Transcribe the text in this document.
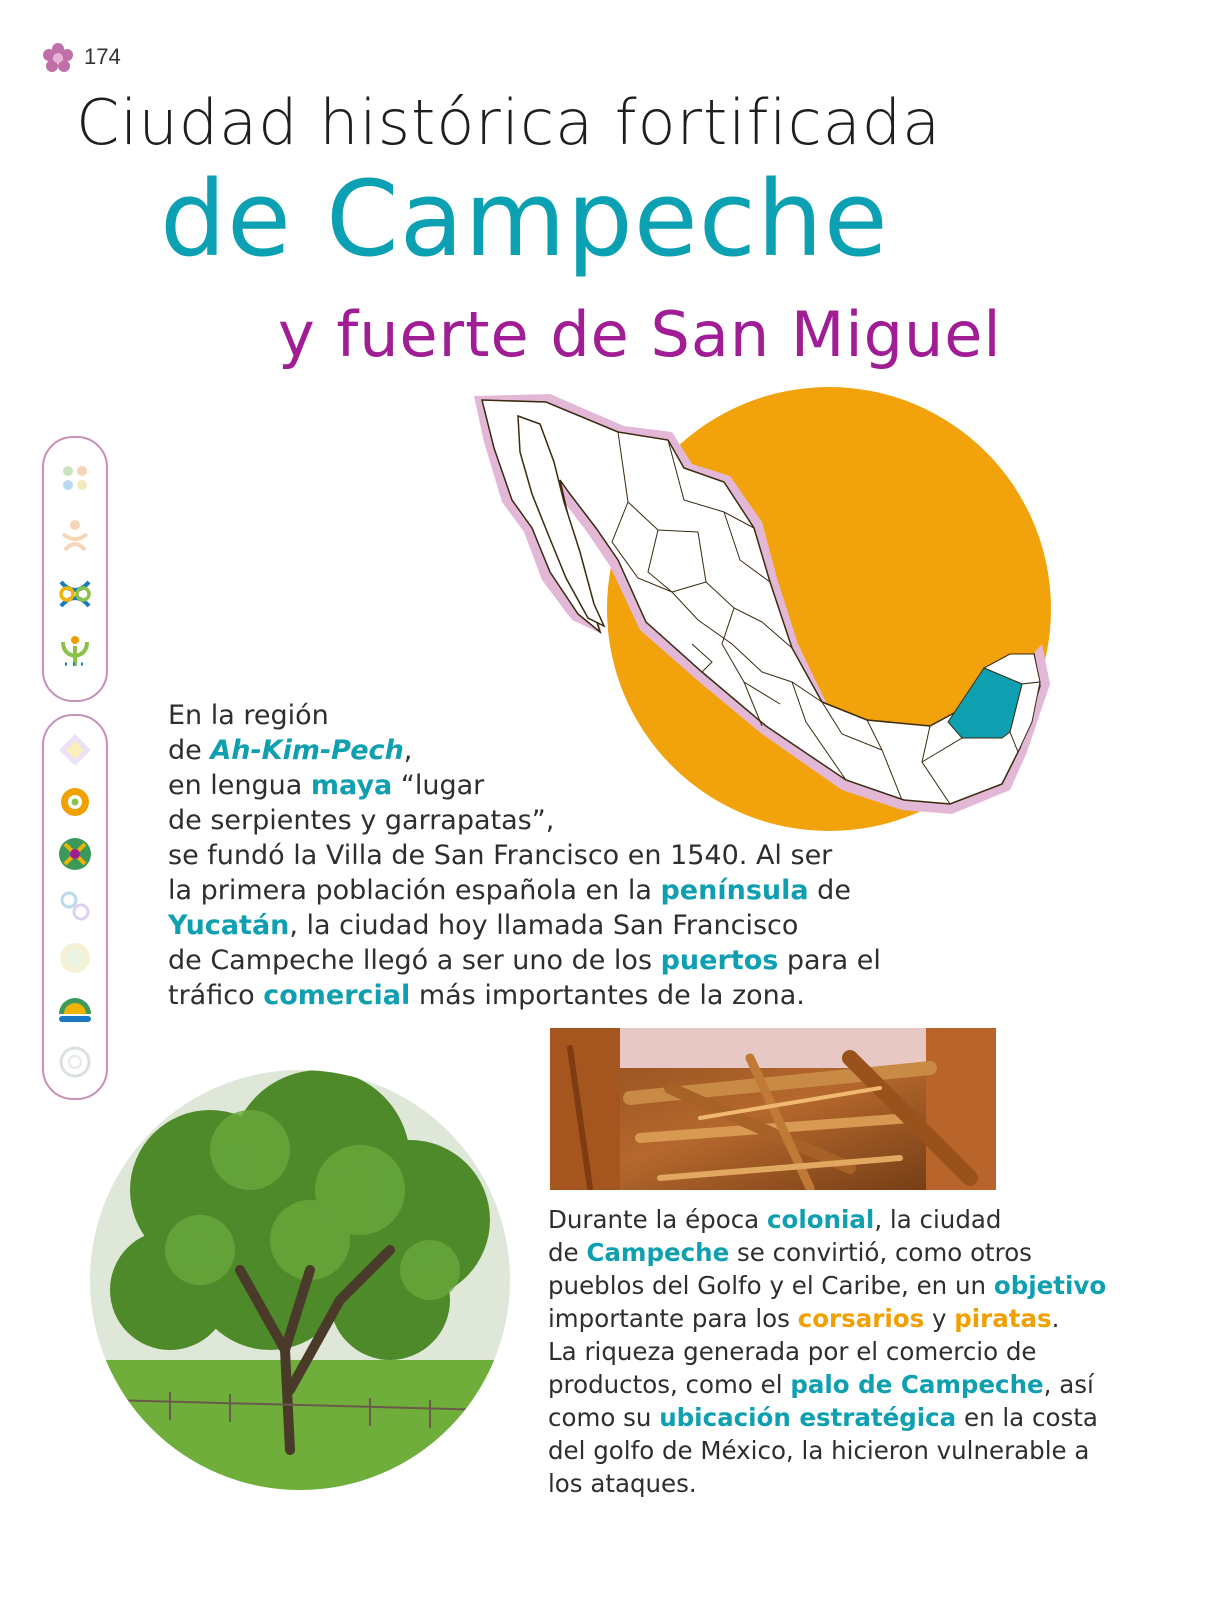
174
Ciudad histórica fortificada
de Campeche
y fuerte de San Miguel
En la región
de Ah-Kim-Pech,
en lengua maya “lugar
de serpientes y garrapatas”,
se fundó la Villa de San Francisco en 1540. Al ser
la primera población española en la península de
Yucatán, la ciudad hoy llamada San Francisco
de Campeche llegó a ser uno de los puertos para el
tráfico comercial más importantes de la zona.
Durante la época colonial, la ciudad
de Campeche se convirtió, como otros
pueblos del Golfo y el Caribe, en un objetivo
importante para los corsarios y piratas.
La riqueza generada por el comercio de
productos, como el palo de Campeche, así
como su ubicación estratégica en la costa
del golfo de México, la hicieron vulnerable a
los ataques.
